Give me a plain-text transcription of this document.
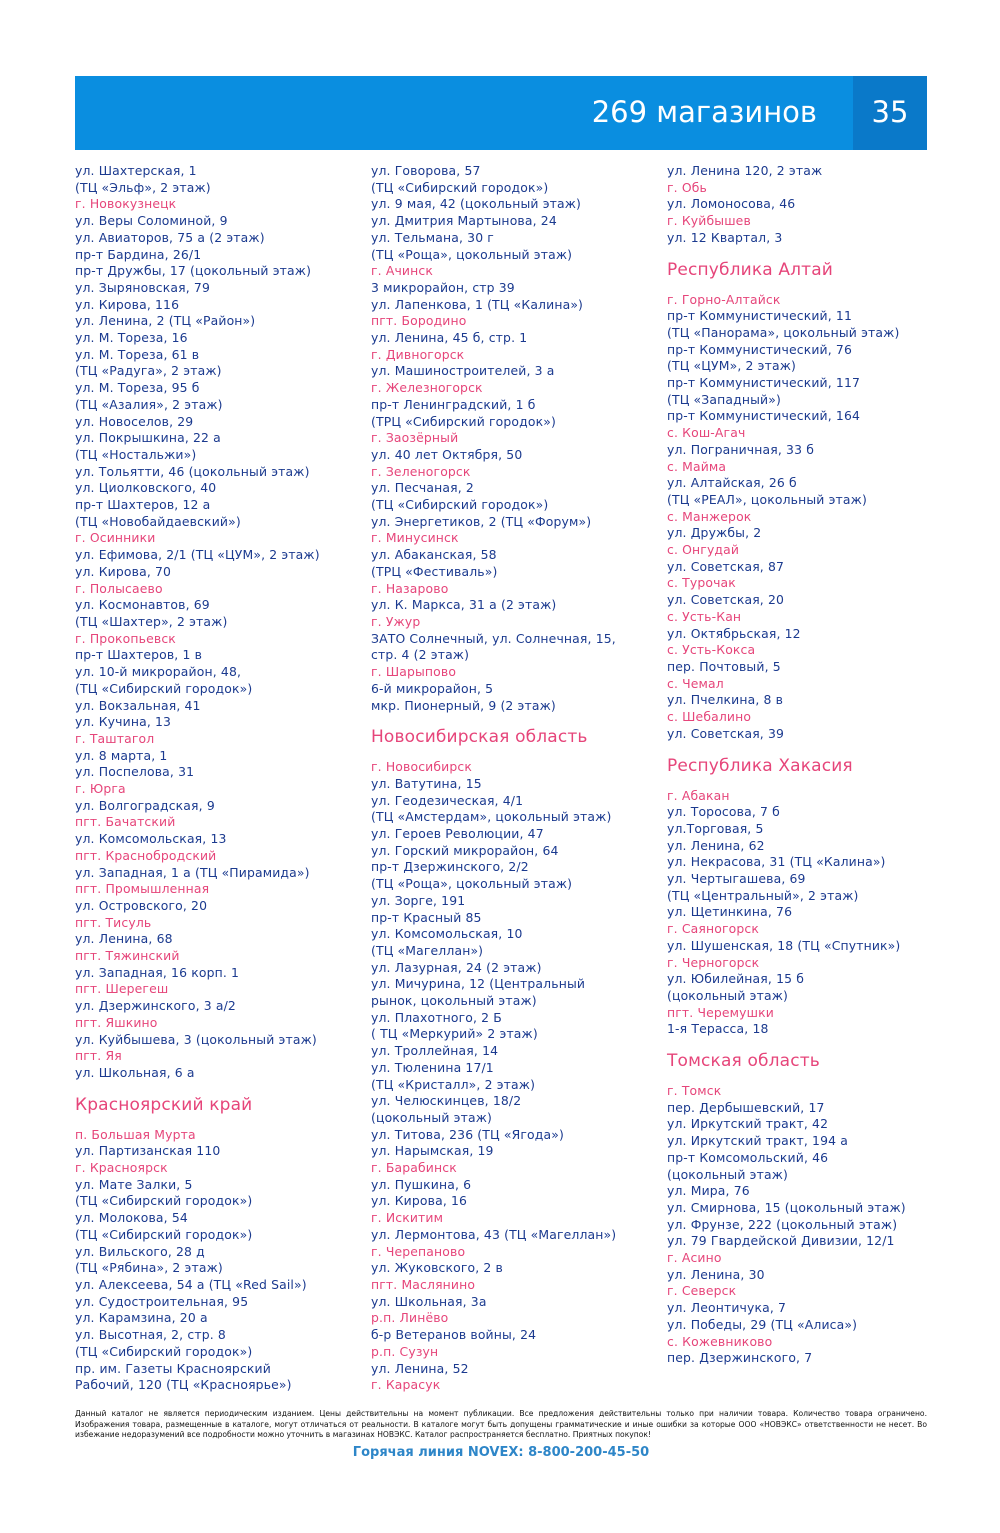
269 магазинов	35
ул. Шахтерская, 1
(ТЦ «Эльф», 2 этаж)
г. Новокузнецк
ул. Веры Соломиной, 9
ул. Авиаторов, 75 а (2 этаж)
пр-т Бардина, 26/1
пр-т Дружбы, 17 (цокольный этаж)
ул. Зыряновская, 79
ул. Кирова, 116
ул. Ленина, 2 (ТЦ «Район»)
ул. М. Тореза, 16
ул. М. Тореза, 61 в
(ТЦ «Радуга», 2 этаж)
ул. М. Тореза, 95 б
(ТЦ «Азалия», 2 этаж)
ул. Новоселов, 29
ул. Покрышкина, 22 а
(ТЦ «Ностальжи»)
ул. Тольятти, 46 (цокольный этаж)
ул. Циолковского, 40
пр-т Шахтеров, 12 а
(ТЦ «Новобайдаевский»)
г. Осинники
ул. Ефимова, 2/1 (ТЦ «ЦУМ», 2 этаж)
ул. Кирова, 70
г. Полысаево
ул. Космонавтов, 69
(ТЦ «Шахтер», 2 этаж)
г. Прокопьевск
пр-т Шахтеров, 1 в
ул. 10-й микрорайон, 48,
(ТЦ «Сибирский городок»)
ул. Вокзальная, 41
ул. Кучина, 13
г. Таштагол
ул. 8 марта, 1
ул. Поспелова, 31
г. Юрга
ул. Волгоградская, 9
пгт. Бачатский
ул. Комсомольская, 13
пгт. Краснобродский
ул. Западная, 1 а (ТЦ «Пирамида»)
пгт. Промышленная
ул. Островского, 20
пгт. Тисуль
ул. Ленина, 68
пгт. Тяжинский
ул. Западная, 16 корп. 1
пгт. Шерегеш
ул. Дзержинского, 3 а/2
пгт. Яшкино
ул. Куйбышева, 3 (цокольный этаж)
пгт. Яя
ул. Школьная, 6 а
Красноярский край
п. Большая Мурта
ул. Партизанская 110
г. Красноярск
ул. Мате Залки, 5
(ТЦ «Сибирский городок»)
ул. Молокова, 54
(ТЦ «Сибирский городок»)
ул. Вильского, 28 д
(ТЦ «Рябина», 2 этаж)
ул. Алексеева, 54 а (ТЦ «Red Sail»)
ул. Судостроительная, 95
ул. Карамзина, 20 а
ул. Высотная, 2, стр. 8
(ТЦ «Сибирский городок»)
пр. им. Газеты Красноярский
Рабочий, 120 (ТЦ «Красноярье»)
ул. Говорова, 57
(ТЦ «Сибирский городок»)
ул. 9 мая, 42 (цокольный этаж)
ул. Дмитрия Мартынова, 24
ул. Тельмана, 30 г
(ТЦ «Роща», цокольный этаж)
г. Ачинск
3 микрорайон, стр 39
ул. Лапенкова, 1 (ТЦ «Калина»)
пгт. Бородино
ул. Ленина, 45 б, стр. 1
г. Дивногорск
ул. Машиностроителей, 3 а
г. Железногорск
пр-т Ленинградский, 1 б
(ТРЦ «Сибирский городок»)
г. Заозёрный
ул. 40 лет Октября, 50
г. Зеленогорск
ул. Песчаная, 2
(ТЦ «Сибирский городок»)
ул. Энергетиков, 2 (ТЦ «Форум»)
г. Минусинск
ул. Абаканская, 58
(ТРЦ «Фестиваль»)
г. Назарово
ул. К. Маркса, 31 а (2 этаж)
г. Ужур
ЗАТО Солнечный, ул. Солнечная, 15,
стр. 4 (2 этаж)
г. Шарыпово
6-й микрорайон, 5
мкр. Пионерный, 9 (2 этаж)
Новосибирская область
г. Новосибирск
ул. Ватутина, 15
ул. Геодезическая, 4/1
(ТЦ «Амстердам», цокольный этаж)
ул. Героев Революции, 47
ул. Горский микрорайон, 64
пр-т Дзержинского, 2/2
(ТЦ «Роща», цокольный этаж)
ул. Зорге, 191
пр-т Красный 85
ул. Комсомольская, 10
(ТЦ «Магеллан»)
ул. Лазурная, 24 (2 этаж)
ул. Мичурина, 12 (Центральный
рынок, цокольный этаж)
ул. Плахотного, 2 Б
( ТЦ «Меркурий» 2 этаж)
ул. Троллейная, 14
ул. Тюленина 17/1
(ТЦ «Кристалл», 2 этаж)
ул. Челюскинцев, 18/2
(цокольный этаж)
ул. Титова, 236 (ТЦ «Ягода»)
ул. Нарымская, 19
г. Барабинск
ул. Пушкина, 6
ул. Кирова, 16
г. Искитим
ул. Лермонтова, 43 (ТЦ «Магеллан»)
г. Черепаново
ул. Жуковского, 2 в
пгт. Маслянино
ул. Школьная, 3а
р.п. Линёво
б-р Ветеранов войны, 24
р.п. Сузун
ул. Ленина, 52
г. Карасук
ул. Ленина 120, 2 этаж
г. Обь
ул. Ломоносова, 46
г. Куйбышев
ул. 12 Квартал, 3
Республика Алтай
г. Горно-Алтайск
пр-т Коммунистический, 11
(ТЦ «Панорама», цокольный этаж)
пр-т Коммунистический, 76
(ТЦ «ЦУМ», 2 этаж)
пр-т Коммунистический, 117
(ТЦ «Западный»)
пр-т Коммунистический, 164
с. Кош-Агач
ул. Пограничная, 33 б
с. Майма
ул. Алтайская, 26 б
(ТЦ «РЕАЛ», цокольный этаж)
с. Манжерок
ул. Дружбы, 2
с. Онгудай
ул. Советская, 87
с. Турочак
ул. Советская, 20
с. Усть-Кан
ул. Октябрьская, 12
с. Усть-Кокса
пер. Почтовый, 5
с. Чемал
ул. Пчелкина, 8 в
с. Шебалино
ул. Советская, 39
Республика Хакасия
г. Абакан
ул. Торосова, 7 б
ул.Торговая, 5
ул. Ленина, 62
ул. Некрасова, 31 (ТЦ «Калина»)
ул. Чертыгашева, 69
(ТЦ «Центральный», 2 этаж)
ул. Щетинкина, 76
г. Саяногорск
ул. Шушенская, 18 (ТЦ «Спутник»)
г. Черногорск
ул. Юбилейная, 15 б
(цокольный этаж)
пгт. Черемушки
1-я Терасса, 18
Томская область
г. Томск
пер. Дербышевский, 17
ул. Иркутский тракт, 42
ул. Иркутский тракт, 194 а
пр-т Комсомольский, 46
(цокольный этаж)
ул. Мира, 76
ул. Смирнова, 15 (цокольный этаж)
ул. Фрунзе, 222 (цокольный этаж)
ул. 79 Гвардейской Дивизии, 12/1
г. Асино
ул. Ленина, 30
г. Северск
ул. Леонтичука, 7
ул. Победы, 29 (ТЦ «Алиса»)
с. Кожевниково
пер. Дзержинского, 7
Данный каталог не является периодическим изданием. Цены действительны на момент публикации. Все предложения действительны только при наличии товара. Количество товара ограничено. Изображения товара, размещенные в каталоге, могут отличаться от реальности. В каталоге могут быть допущены грамматические и иные ошибки за которые ООО «НОВЭКС» ответственности не несет. Во избежание недоразумений все подробности можно уточнить в магазинах НОВЭКС. Каталог распространяется бесплатно. Приятных покупок!
Горячая линия NOVEX: 8-800-200-45-50
